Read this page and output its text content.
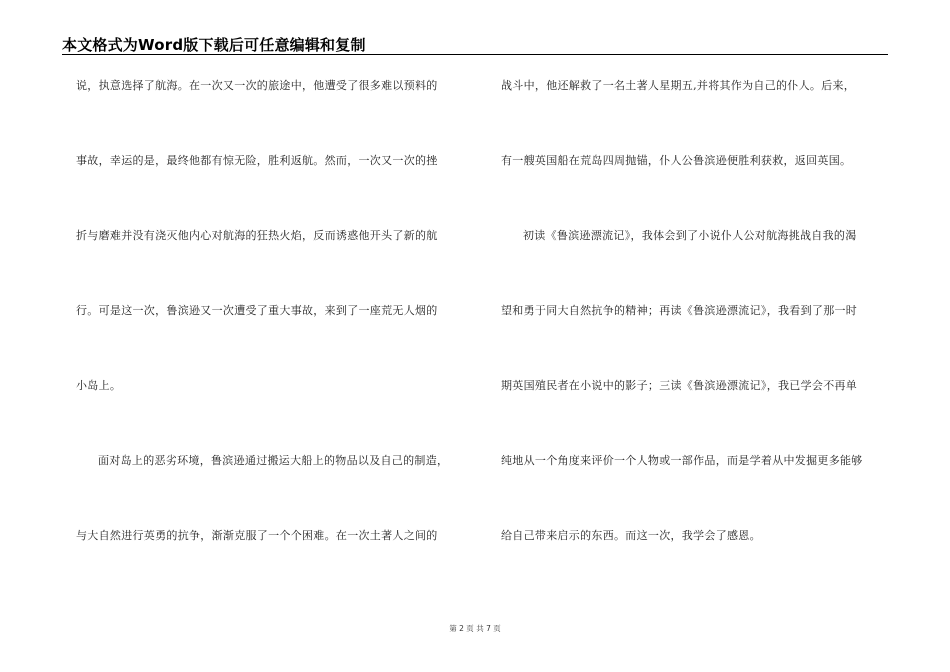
本文格式为Word版下载后可任意编辑和复制
说，执意选择了航海。在一次又一次的旅途中，他遭受了很多难以预料的
事故，幸运的是，最终他都有惊无险，胜利返航。然而，一次又一次的挫
折与磨难并没有浇灭他内心对航海的狂热火焰，反而诱惑他开头了新的航
行。可是这一次，鲁滨逊又一次遭受了重大事故，来到了一座荒无人烟的
小岛上。
面对岛上的恶劣环境，鲁滨逊通过搬运大船上的物品以及自己的制造，
与大自然进行英勇的抗争，渐渐克服了一个个困难。在一次土著人之间的
战斗中，他还解救了一名土著人星期五,并将其作为自己的仆人。后来，
有一艘英国船在荒岛四周抛锚，仆人公鲁滨逊便胜利获救，返回英国。
初读《鲁滨逊漂流记》，我体会到了小说仆人公对航海挑战自我的渴
望和勇于同大自然抗争的精神；再读《鲁滨逊漂流记》，我看到了那一时
期英国殖民者在小说中的影子；三读《鲁滨逊漂流记》，我已学会不再单
纯地从一个角度来评价一个人物或一部作品，而是学着从中发掘更多能够
给自己带来启示的东西。而这一次，我学会了感恩。
第 2 页 共 7 页
